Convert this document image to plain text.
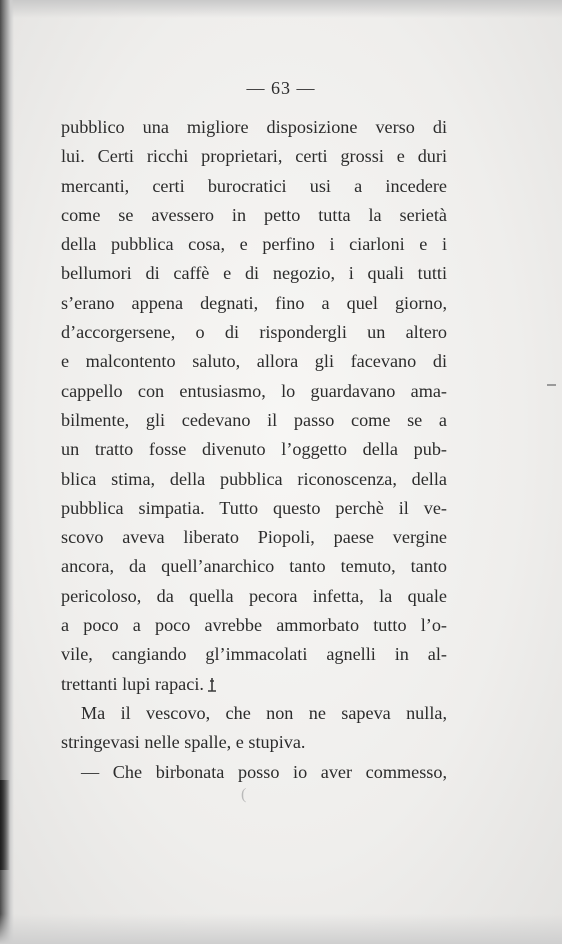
— 63 —
pubblico una migliore disposizione verso di
lui. Certi ricchi proprietari, certi grossi e duri
mercanti, certi burocratici usi a incedere
come se avessero in petto tutta la serietà
della pubblica cosa, e perfino i ciarloni e i
bellumori di caffè e di negozio, i quali tutti
s’erano appena degnati, fino a quel giorno,
d’accorgersene, o di rispondergli un altero
e malcontento saluto, allora gli facevano di
cappello con entusiasmo, lo guardavano ama-
bilmente, gli cedevano il passo come se a
un tratto fosse divenuto l’oggetto della pub-
blica stima, della pubblica riconoscenza, della
pubblica simpatia. Tutto questo perchè il ve-
scovo aveva liberato Piopoli, paese vergine
ancora, da quell’anarchico tanto temuto, tanto
pericoloso, da quella pecora infetta, la quale
a poco a poco avrebbe ammorbato tutto l’o-
vile, cangiando gl’immacolati agnelli in al-
trettanti lupi rapaci.
Ma il vescovo, che non ne sapeva nulla,
stringevasi nelle spalle, e stupiva.
— Che birbonata posso io aver commesso,
(
